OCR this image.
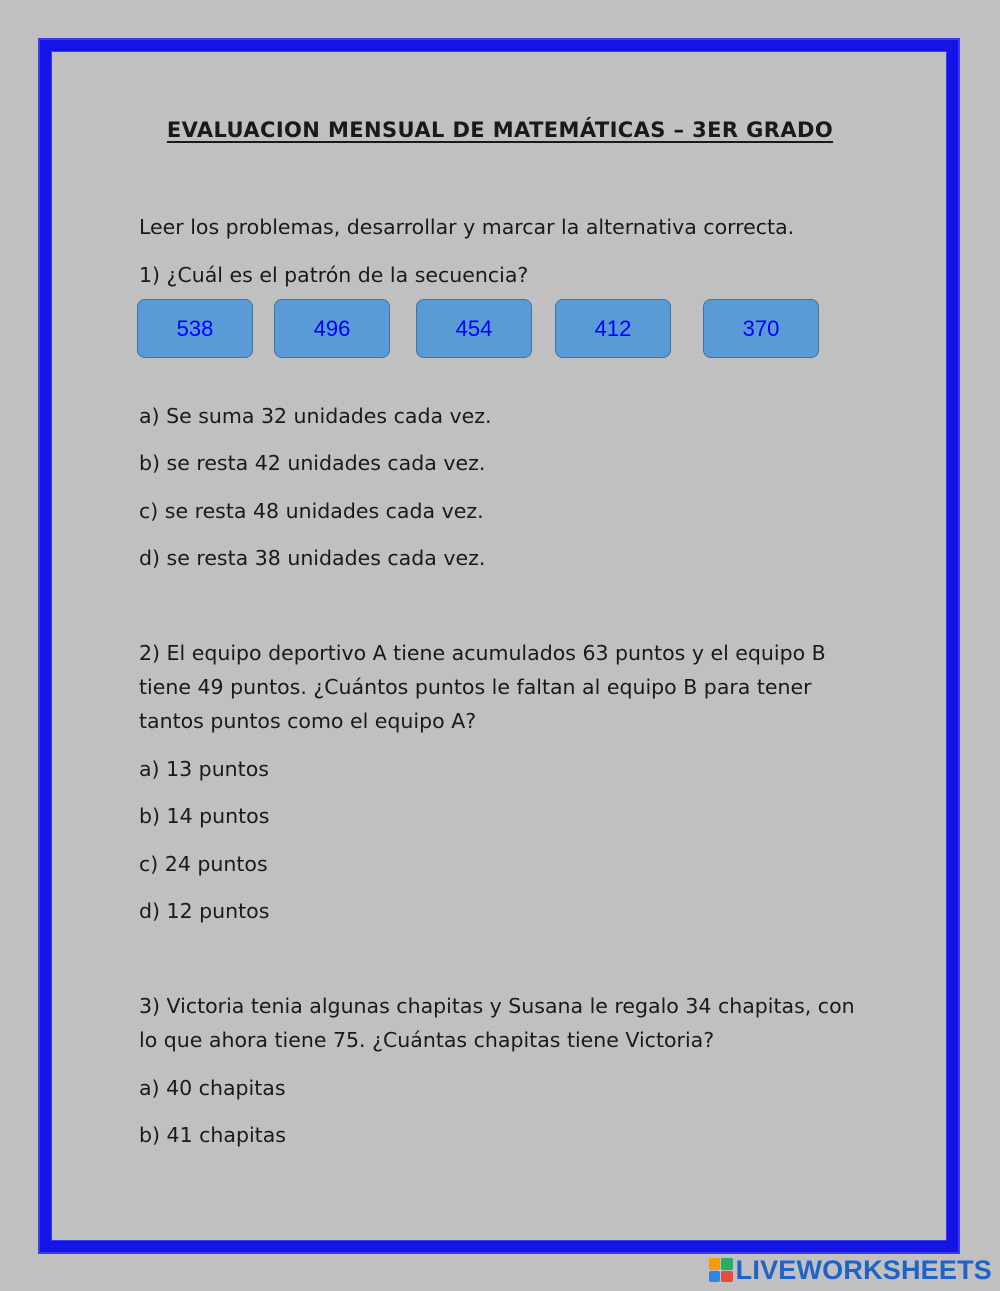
EVALUACION MENSUAL DE MATEMÁTICAS – 3ER GRADO
Leer los problemas, desarrollar y marcar la alternativa correcta.
1) ¿Cuál es el patrón de la secuencia?
538	496	454	412	370
a) Se suma 32 unidades cada vez.
b) se resta 42 unidades cada vez.
c) se resta 48 unidades cada vez.
d) se resta 38 unidades cada vez.
2) El equipo deportivo A tiene acumulados 63 puntos y el equipo B tiene 49 puntos. ¿Cuántos puntos le faltan al equipo B para tener tantos puntos como el equipo A?
a) 13 puntos
b) 14 puntos
c) 24 puntos
d) 12 puntos
3) Victoria tenia algunas chapitas y Susana le regalo 34 chapitas, con lo que ahora tiene 75. ¿Cuántas chapitas tiene Victoria?
a) 40 chapitas
b) 41 chapitas
LIVEWORKSHEETS
